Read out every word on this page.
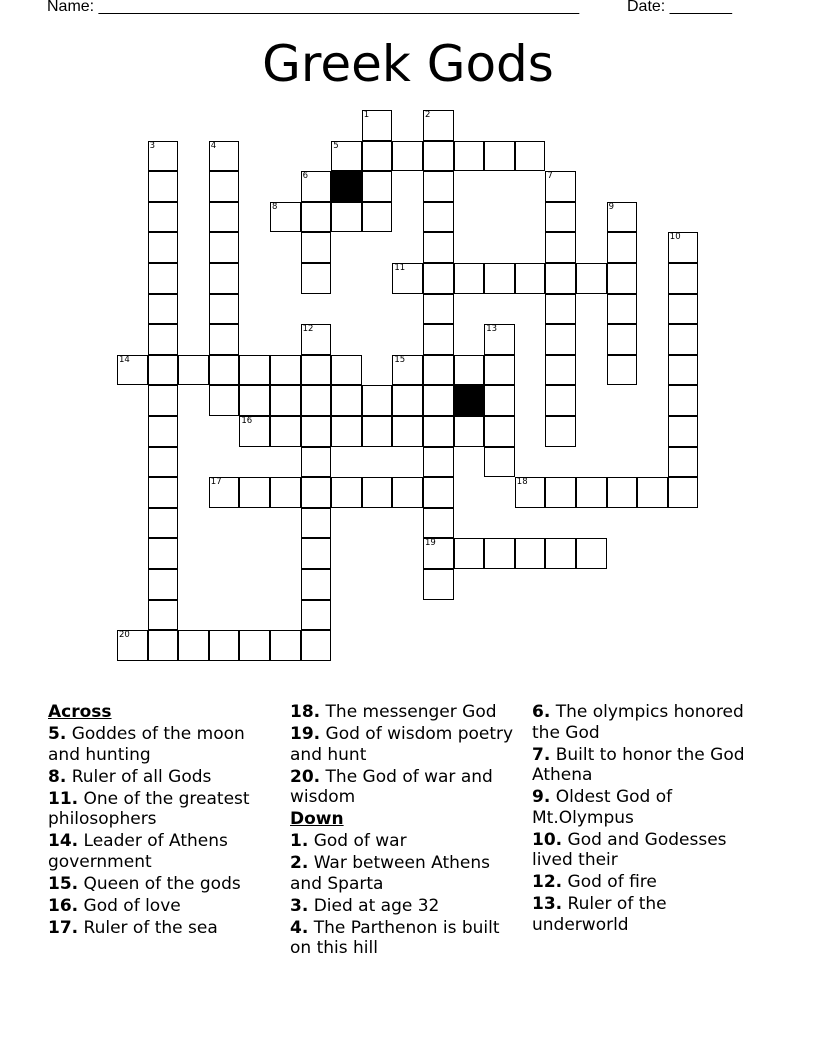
Name: ______________________________________________________	Date: _______
Greek Gods
1	2
3	4	5
6	7
8	9
10
11
12	13
14	15
16
17	18
19
20
Across
5. Goddes of the moon and hunting
8. Ruler of all Gods
11. One of the greatest philosophers
14. Leader of Athens government
15. Queen of the gods
16. God of love
17. Ruler of the sea
18. The messenger God
19. God of wisdom poetry and hunt
20. The God of war and wisdom
Down
1. God of war
2. War between Athens and Sparta
3. Died at age 32
4. The Parthenon is built on this hill
6. The olympics honored the God
7. Built to honor the God Athena
9. Oldest God of Mt.Olympus
10. God and Godesses lived their
12. God of fire
13. Ruler of the underworld
